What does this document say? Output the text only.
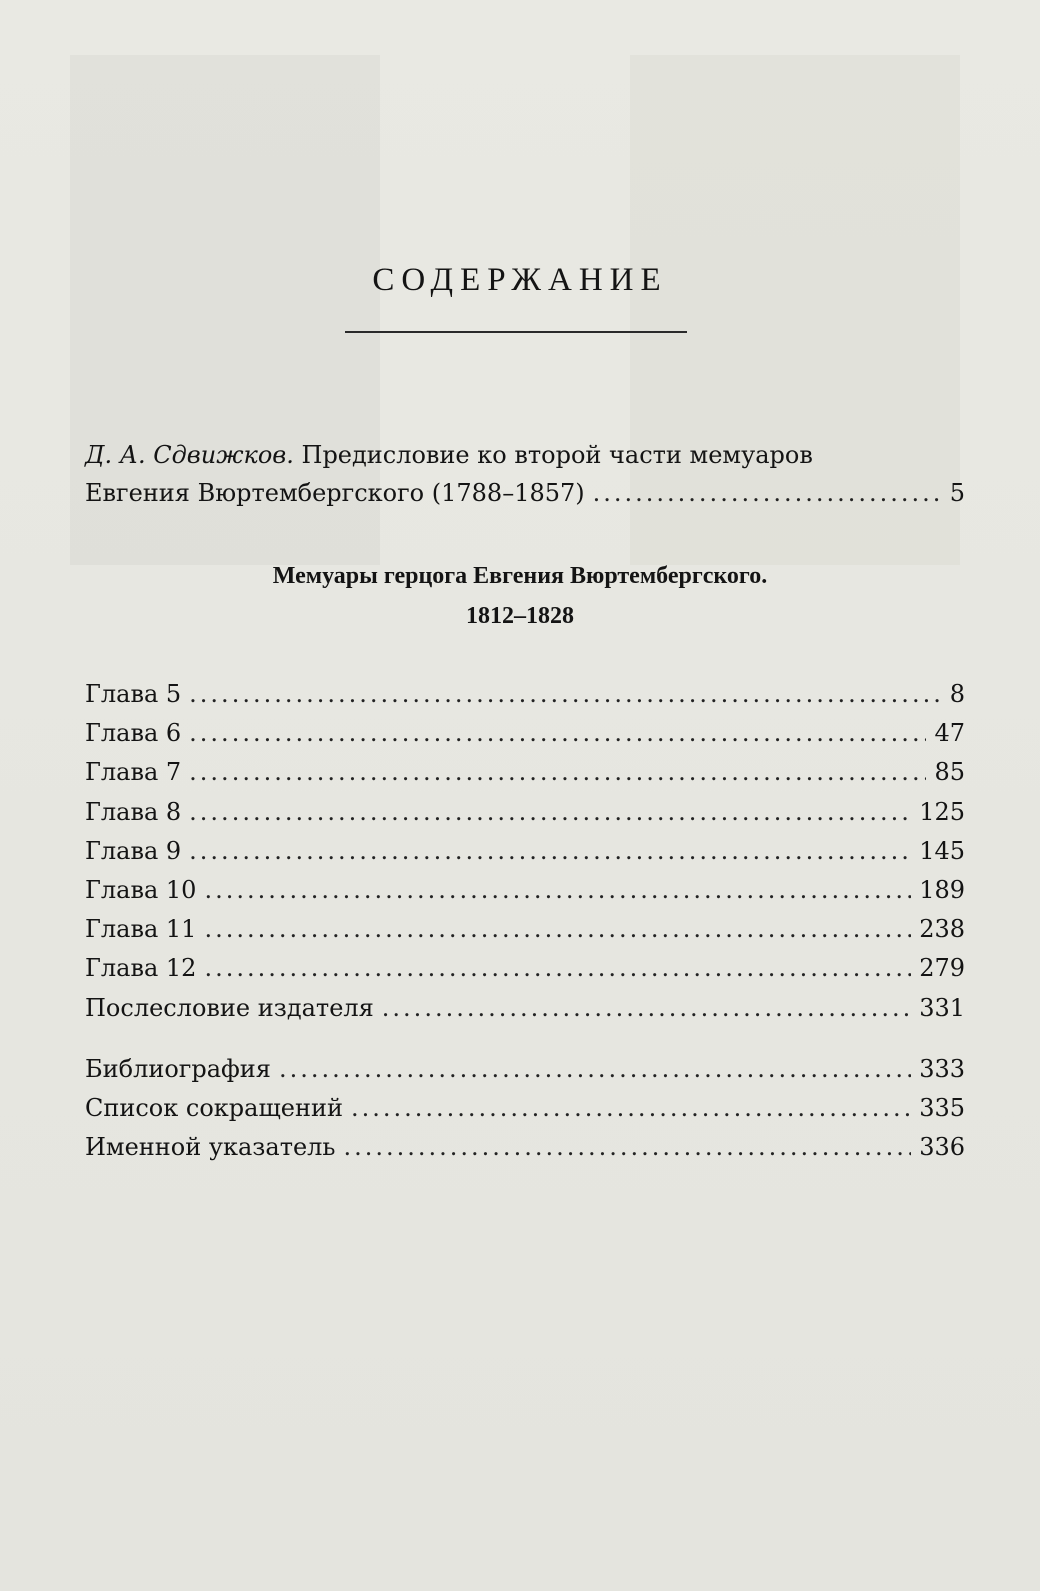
СОДЕРЖАНИЕ
Д. А. Сдвижков. Предисловие ко второй части мемуаров
Евгения Вюртембергского (1788–1857) .....	5
Мемуары герцога Евгения Вюртембергского.
1812–1828
Глава 5 .....	8
Глава 6 .....	47
Глава 7 .....	85
Глава 8 .....	125
Глава 9 .....	145
Глава 10 .....	189
Глава 11 .....	238
Глава 12 .....	279
Послесловие издателя .....	331
Библиография .....	333
Список сокращений .....	335
Именной указатель .....	336
